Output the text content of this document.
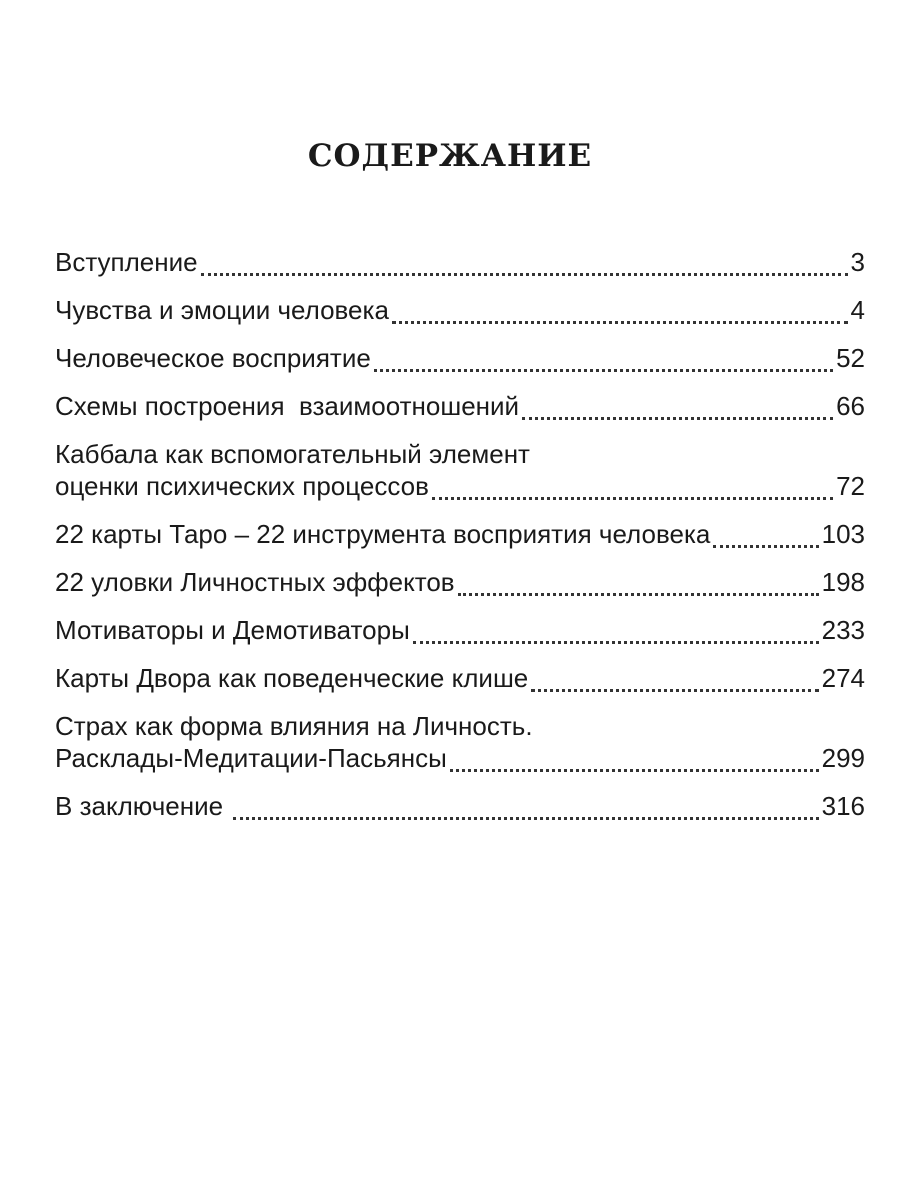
СОДЕРЖАНИЕ
Вступление	3
Чувства и эмоции человека	4
Человеческое восприятие	52
Схемы построения  взаимоотношений	66
Каббала как вспомогательный элемент
оценки психических процессов	72
22 карты Таро – 22 инструмента восприятия человека	103
22 уловки Личностных эффектов	198
Мотиваторы и Демотиваторы	233
Карты Двора как поведенческие клише	274
Страх как форма влияния на Личность.
Расклады-Медитации-Пасьянсы	299
В заключение	316
